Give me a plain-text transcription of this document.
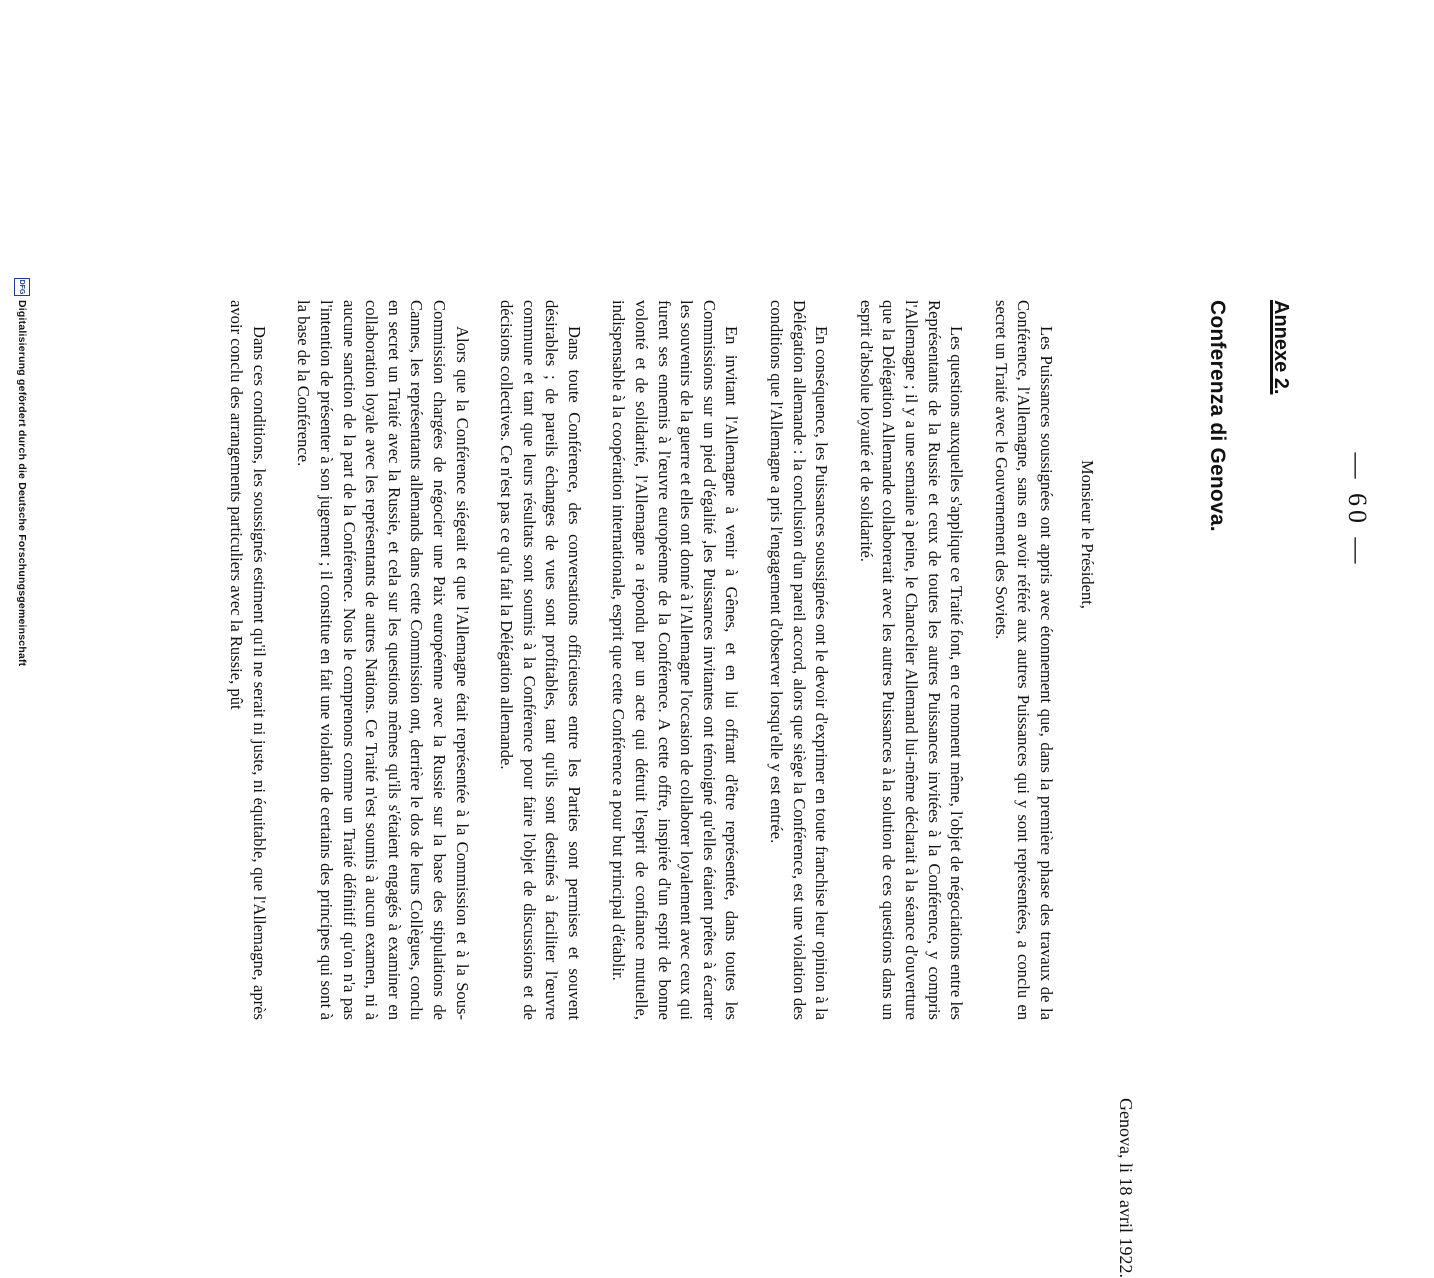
— 60 —
Annexe 2.
Conferenza di Genova.
Genova, li 18 avril 1922.
Monsieur le Président,

Les Puissances soussignées ont appris avec étonnement que, dans la première phase des travaux de la Conférence, l'Allemagne, sans en avoir référé aux autres Puissances qui y sont représentées, a conclu en secret un Traité avec le Gouvernement des Soviets.

Les questions auxquelles s'applique ce Traité font, en ce moment même, l'objet de négociations entre les Représentants de la Russie et ceux de toutes les autres Puissances invitées à la Conférence, y compris l'Allemagne ; il y a une semaine à peine, le Chancelier Allemand lui-même déclarait à la séance d'ouverture que la Délégation Allemande collaborerait avec les autres Puissances à la solution de ces questions dans un esprit d'absolue loyauté et de solidarité.

En conséquence, les Puissances soussignées ont le devoir d'exprimer en toute franchise leur opinion à la Délégation allemande : la conclusion d'un pareil accord, alors que siège la Conférence, est une violation des conditions que l'Allemagne a pris l'engagement d'observer lorsqu'elle y est entrée.

En invitant l'Allemagne à venir à Gênes, et en lui offrant d'être représentée, dans toutes les Commissions sur un pied d'égalité ,les Puissances invitantes ont témoigné qu'elles étaient prêtes à écarter les souvenirs de la guerre et elles ont donné à l'Allemagne l'occasion de collaborer loyalement avec ceux qui furent ses ennemis à l'œuvre européenne de la Conférence. A cette offre, inspirée d'un esprit de bonne volonté et de solidarité, l'Allemagne a répondu par un acte qui détruit l'esprit de confiance mutuelle, indispensable à la coopération internationale, esprit que cette Conférence a pour but principal d'établir.

Dans toute Conférence, des conversations officieuses entre les Parties sont permises et souvent désirables ; de pareils échanges de vues sont profitables, tant qu'ils sont destinés à faciliter l'œuvre commune et tant que leurs résultats sont soumis à la Conférence pour faire l'objet de discussions et de décisions collectives. Ce n'est pas ce qu'a fait la Délégation allemande.

Alors que la Conférence siégeait et que l'Allemagne était représentée à la Commission et à la Sous-Commission chargées de négocier une Paix européenne avec la Russie sur la base des stipulations de Cannes, les représentants allemands dans cette Commission ont, derrière le dos de leurs Collègues, conclu en secret un Traité avec la Russie, et cela sur les questions mêmes qu'ils s'étaient engagés à examiner en collaboration loyale avec les représentants de autres Nations. Ce Traité n'est soumis à aucun examen, ni à aucune sanction de la part de la Conférence. Nous le comprenons comme un Traité définitif qu'on n'a pas l'intention de présenter à son jugement ; il constitue en fait une violation de certains des principes qui sont à la base de la Conférence.

Dans ces conditions, les soussignés estiment qu'il ne serait ni juste, ni équitable, que l'Allemagne, après avoir conclu des arrangements particuliers avec la Russie, pût

DFG
Digitalisierung gefördert durch die Deutsche Forschungsgemeinschaft
